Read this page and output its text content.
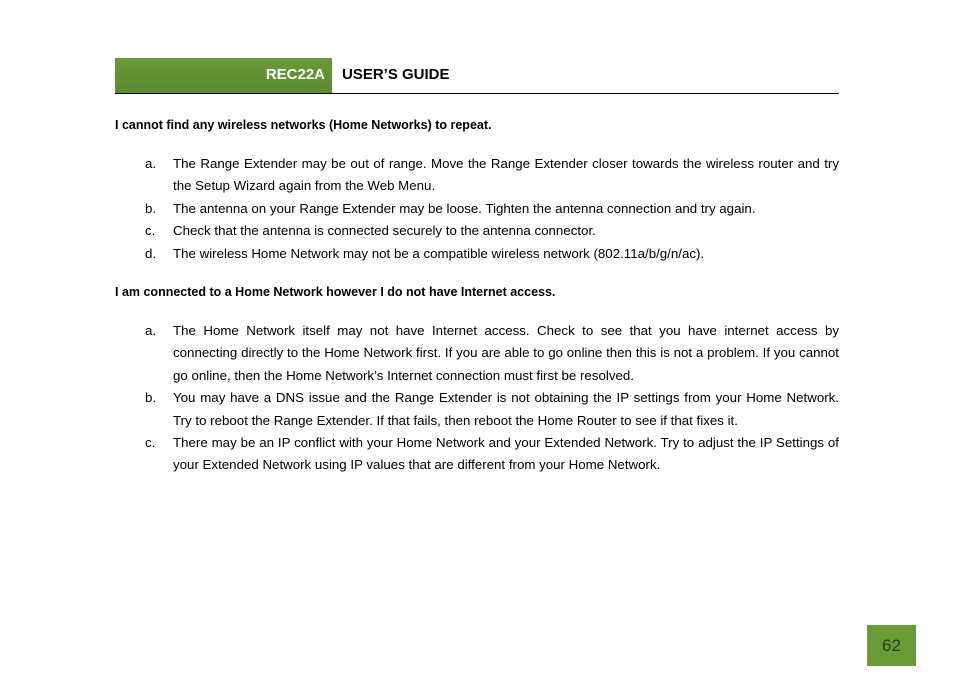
REC22A USER’S GUIDE
I cannot find any wireless networks (Home Networks) to repeat.
a. The Range Extender may be out of range. Move the Range Extender closer towards the wireless router and try the Setup Wizard again from the Web Menu.
b. The antenna on your Range Extender may be loose. Tighten the antenna connection and try again.
c. Check that the antenna is connected securely to the antenna connector.
d. The wireless Home Network may not be a compatible wireless network (802.11a/b/g/n/ac).
I am connected to a Home Network however I do not have Internet access.
a. The Home Network itself may not have Internet access. Check to see that you have internet access by connecting directly to the Home Network first. If you are able to go online then this is not a problem. If you cannot go online, then the Home Network’s Internet connection must first be resolved.
b. You may have a DNS issue and the Range Extender is not obtaining the IP settings from your Home Network. Try to reboot the Range Extender. If that fails, then reboot the Home Router to see if that fixes it.
c. There may be an IP conflict with your Home Network and your Extended Network. Try to adjust the IP Settings of your Extended Network using IP values that are different from your Home Network.
62
